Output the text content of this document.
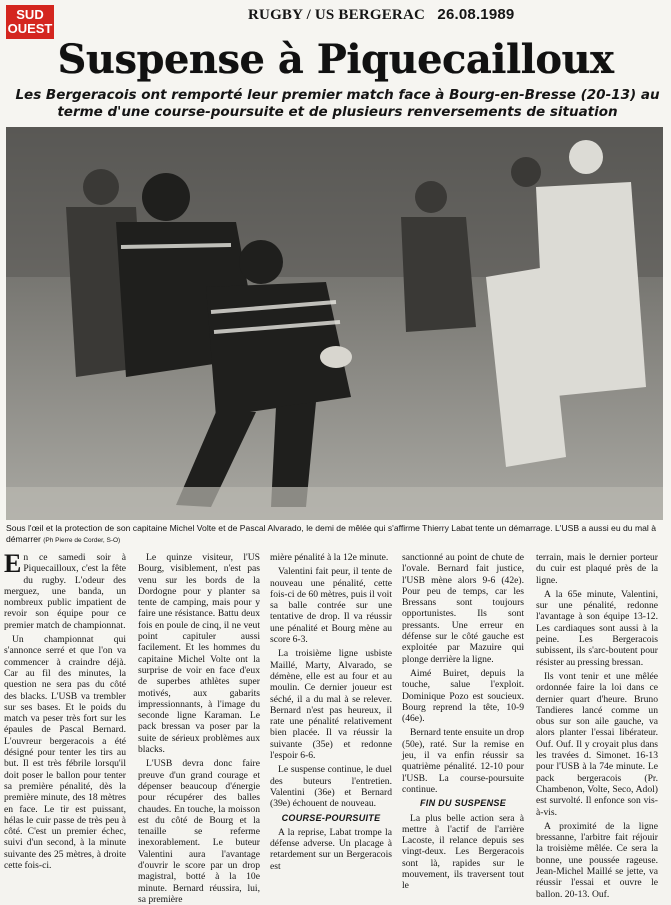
SUD
OUEST
RUGBY / US BERGERAC 26.08.1989
Suspense à Piquecailloux
Les Bergeracois ont remporté leur premier match face à Bourg-en-Bresse (20-13) au terme d'une course-poursuite et de plusieurs renversements de situation
Sous l'œil et la protection de son capitaine Michel Volte et de Pascal Alvarado, le demi de mêlée qui s'affirme Thierry Labat tente un démarrage. L'USB a aussi eu du mal à démarrer (Ph Pierre de Corder, S-O)

En ce samedi soir à Piquecailloux, c'est la fête du rugby. L'odeur des merguez, une banda, un nombreux public impatient de revoir son équipe pour ce premier match de championnat.

Un championnat qui s'annonce serré et que l'on va commencer à craindre déjà. Car au fil des minutes, la question ne sera pas du côté des blacks. L'USB va trembler sur ses bases. Et le poids du match va peser très fort sur les épaules de Pascal Bernard. L'ouvreur bergeracois a été désigné pour tenter les tirs au but. Il est très fébrile lorsqu'il doit poser le ballon pour tenter sa première pénalité, dès la première minute, des 18 mètres en face. Le tir est puissant, hélas le cuir passe de très peu à côté. C'est un premier échec, suivi d'un second, à la minute suivante des 25 mètres, à droite cette fois-ci.

Le quinze visiteur, l'US Bourg, visiblement, n'est pas venu sur les bords de la Dordogne pour y planter sa tente de camping, mais pour y faire une résistance. Battu deux fois en poule de cinq, il ne veut point capituler aussi facilement. Et les hommes du capitaine Michel Volte ont la surprise de voir en face d'eux de superbes athlètes super motivés, aux gabarits impressionnants, à l'image du seconde ligne Karaman. Le pack bressan va poser par la suite de sérieux problèmes aux blacks.

L'USB devra donc faire preuve d'un grand courage et dépenser beaucoup d'énergie pour récupérer des balles chaudes. En touche, la moisson est du côté de Bourg et la tenaille se referme inexorablement. Le buteur Valentini aura l'avantage d'ouvrir le score par un drop magistral, botté à la 10e minute. Bernard réussira, lui, sa première

mière pénalité à la 12e minute.

Valentini fait peur, il tente de nouveau une pénalité, cette fois-ci de 60 mètres, puis il voit sa balle contrée sur une tentative de drop. Il va réussir une pénalité et Bourg mène au score 6-3.

La troisième ligne usbiste Maillé, Marty, Alvarado, se démène, elle est au four et au moulin. Ce dernier joueur est séché, il a du mal à se relever. Bernard n'est pas heureux, il rate une pénalité relativement bien placée. Il va réussir la suivante (35e) et redonne l'espoir 6-6.

Le suspense continue, le duel des buteurs l'entretien. Valentini (36e) et Bernard (39e) échouent de nouveau.

COURSE-POURSUITE

A la reprise, Labat trompe la défense adverse. Un placage à retardement sur un Bergeracois est

sanctionné au point de chute de l'ovale. Bernard fait justice, l'USB mène alors 9-6 (42e). Pour peu de temps, car les Bressans sont toujours opportunistes. Ils sont pressants. Une erreur en défense sur le côté gauche est exploitée par Mazuire qui plonge derrière la ligne.

Aimé Buiret, depuis la touche, salue l'exploit. Dominique Pozo est soucieux. Bourg reprend la tête, 10-9 (46e).

Bernard tente ensuite un drop (50e), raté. Sur la remise en jeu, il va enfin réussir sa quatrième pénalité. 12-10 pour l'USB. La course-poursuite continue.

FIN DU SUSPENSE

La plus belle action sera à mettre à l'actif de l'arrière Lacoste, il relance depuis ses vingt-deux. Les Bergeracois sont là, rapides sur le mouvement, ils traversent tout le

terrain, mais le dernier porteur du cuir est plaqué près de la ligne.

A la 65e minute, Valentini, sur une pénalité, redonne l'avantage à son équipe 13-12. Les cardiaques sont aussi à la peine. Les Bergeracois subissent, ils s'arc-boutent pour résister au pressing bressan.

Ils vont tenir et une mêlée ordonnée faire la loi dans ce dernier quart d'heure. Bruno Tandieres lancé comme un obus sur son aile gauche, va alors planter l'essai libérateur. Ouf. Ouf. Il y croyait plus dans les travées d. Simonet. 16-13 pour l'USB à la 74e minute. Le pack bergeracois (Pr. Chambenon, Volte, Seco, Adol) est survolté. Il enfonce son vis-à-vis.

A proximité de la ligne bressanne, l'arbitre fait réjouir la troisième mêlée. Ce sera la bonne, une poussée rageuse. Jean-Michel Maillé se jette, va réussir l'essai et ouvre le ballon. 20-13. Ouf.
